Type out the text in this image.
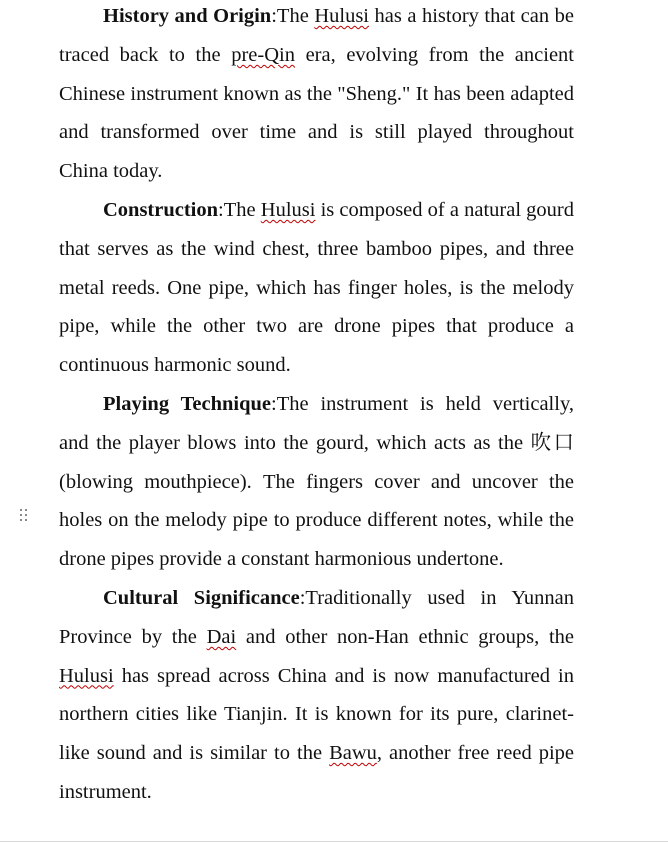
History and Origin:The Hulusi has a history that can be traced back to the pre-Qin era, evolving from the ancient Chinese instrument known as the "Sheng." It has been adapted and transformed over time and is still played throughout China today.

Construction:The Hulusi is composed of a natural gourd that serves as the wind chest, three bamboo pipes, and three metal reeds. One pipe, which has finger holes, is the melody pipe, while the other two are drone pipes that produce a continuous harmonic sound.

Playing Technique:The instrument is held vertically, and the player blows into the gourd, which acts as the 吹口 (blowing mouthpiece). The fingers cover and uncover the holes on the melody pipe to produce different notes, while the drone pipes provide a constant harmonious undertone.

Cultural Significance:Traditionally used in Yunnan Province by the Dai and other non-Han ethnic groups, the Hulusi has spread across China and is now manufactured in northern cities like Tianjin. It is known for its pure, clarinet-like sound and is similar to the Bawu, another free reed pipe instrument.
